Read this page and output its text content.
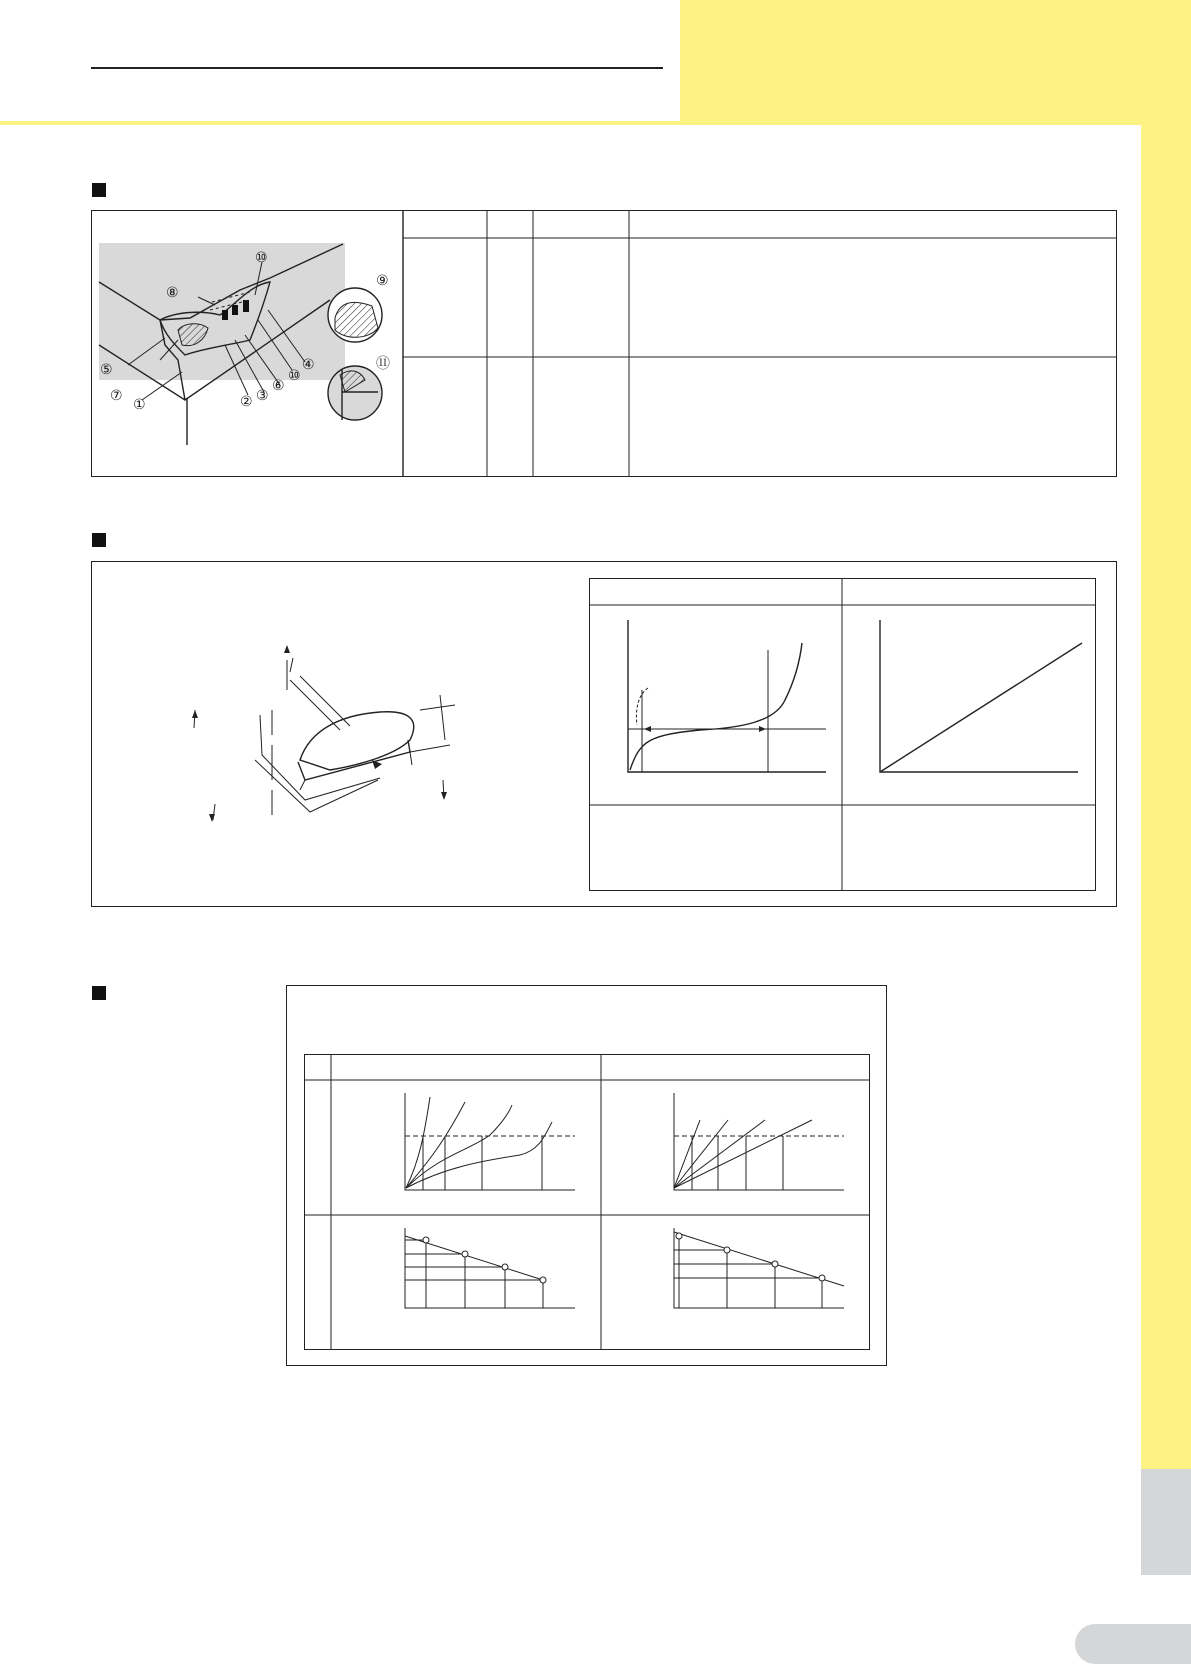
⑩
⑧
⑨
⑤
⑦
①	② ③
⑥
⑩
④	⑪
